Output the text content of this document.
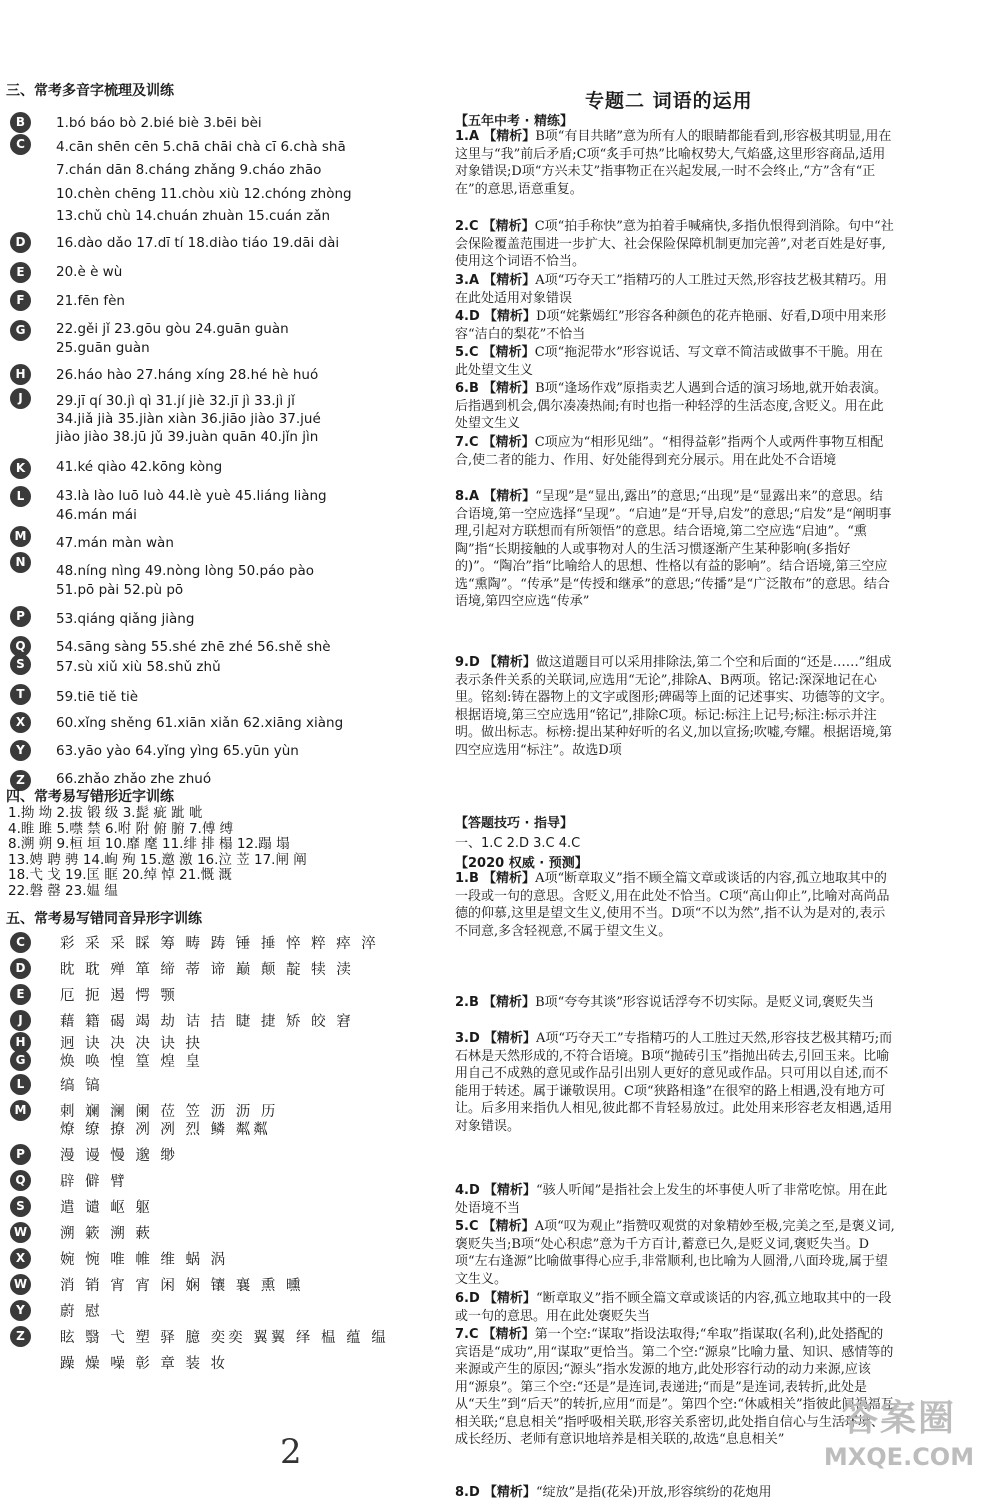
三、常考多音字梳理及训练
1.bó báo bò 2.bié biè 3.bēi bèi
4.cān shēn cēn 5.chā chāi chà cī 6.chà shā
7.chán dān 8.cháng zhǎng 9.cháo zhāo
10.chèn chēng 11.chòu xiù 12.chóng zhòng
13.chǔ chù 14.chuán zhuàn 15.cuán zǎn
16.dào dǎo 17.dī tí 18.diào tiáo 19.dāi dài
20.è è wù
21.fēn fèn
22.gěi jǐ 23.gōu gòu 24.guān guàn
25.guān guàn
26.háo hào 27.háng xíng 28.hé hè huó
29.jī qí 30.jì qì 31.jí jiè 32.jī jì 33.jì jǐ
34.jiǎ jià 35.jiàn xiàn 36.jiāo jiào 37.jué
jiào jiào 38.jū jǔ 39.juàn quān 40.jǐn jìn
41.ké qiào 42.kōng kòng
43.là lào luō luò 44.lè yuè 45.liáng liàng
46.mán mái
47.mán màn wàn
48.níng nìng 49.nòng lòng 50.páo pào
51.pō pài 52.pù pō
53.qiáng qiǎng jiàng
54.sāng sàng 55.shé zhē zhé 56.shě shè
57.sù xiǔ xiù 58.shǔ zhǔ
59.tiē tiě tiè
60.xǐng shěng 61.xiān xiǎn 62.xiāng xiàng
63.yāo yào 64.yǐng yìng 65.yūn yùn
66.zhǎo zhǎo zhe zhuó
B
C
D
E
F
G
H
J
K
L
M
N
P
Q
S
T
X
Y
Z
四、常考易写错形近字训练
1.拗 坳 2.拔 锻 级 3.髭 疵 跐 呲
4.睢 雎 5.噤 禁 6.咐 附 俯 腑 7.傅 缚
8.溯 朔 9.桓 垣 10.靡 麾 11.绯 排 榻 12.蹋 塌
13.娉 聘 骋 14.峋 殉 15.邀 激 16.泣 苙 17.闸 阐
18.弋 戈 19.匡 眶 20.绰 悼 21.慨 溉
22.磐 罄 23.媪 缊
五、常考易写错同音异形字训练
彩 采 采 睬 筹 畴 踌 锤 捶 悴 粹 瘁 淬
眈 耽 殚 箪 缔 蒂 谛 巅 颠 靛 犊 渎
厄 扼 遏 愕 颚
藉 籍 碣 竭 劫 诘 拮 睫 捷 矫 皎 窘
迥 诀 决 决 诀 抉
焕 唤 惶 篁 煌 皇
缟 镐
刺 斓 澜 阑 莅 笠 沥 沥 历
燎 缭 撩 冽 冽 烈 鳞 粼粼
漫 谩 慢 邈 缈
辟 僻 臂
遣 谴 岖 躯
溯 簌 溯 蔌
婉 惋 唯 帷 维 蜗 涡
消 销 宵 宵 闲 娴 镶 襄 熏 曛
蔚 慰
眩 翳 弋 塑 驿 臆 奕奕 翼翼 绎 榅 蕴 缊
躁 燥 噪 彰 章 装 妆
C
D
E
J
H
G
L
M
P
Q
S
W
X
W
Y
Z
专题二 词语的运用
【五年中考 · 精练】
1.A 【精析】B项“有目共睹”意为所有人的眼睛都能看到,形容极其明显,用在这里与“我”前后矛盾;C项“炙手可热”比喻权势大,气焰盛,这里形容商品,适用对象错误;D项“方兴未艾”指事物正在兴起发展,一时不会终止,“方”含有“正在”的意思,语意重复。
2.C 【精析】C项“拍手称快”意为拍着手喊痛快,多指仇恨得到消除。句中“社会保险覆盖范围进一步扩大、社会保险保障机制更加完善”,对老百姓是好事,使用这个词语不恰当。
3.A 【精析】A项“巧夺天工”指精巧的人工胜过天然,形容技艺极其精巧。用在此处适用对象错误
4.D 【精析】D项“姹紫嫣红”形容各种颜色的花卉艳丽、好看,D项中用来形容“洁白的梨花”不恰当
5.C 【精析】C项“拖泥带水”形容说话、写文章不简洁或做事不干脆。用在此处望文生义
6.B 【精析】B项“逢场作戏”原指卖艺人遇到合适的演习场地,就开始表演。后指遇到机会,偶尔凑凑热闹;有时也指一种轻浮的生活态度,含贬义。用在此处望文生义
7.C 【精析】C项应为“相形见绌”。“相得益彰”指两个人或两件事物互相配合,使二者的能力、作用、好处能得到充分展示。用在此处不合语境
8.A 【精析】“呈现”是“显出,露出”的意思;“出现”是“显露出来”的意思。结合语境,第一空应选择“呈现”。“启迪”是“开导,启发”的意思;“启发”是“阐明事理,引起对方联想而有所领悟”的意思。结合语境,第二空应选“启迪”。“熏陶”指“长期接触的人或事物对人的生活习惯逐渐产生某种影响(多指好的)”。“陶冶”指“比喻给人的思想、性格以有益的影响”。结合语境,第三空应选“熏陶”。“传承”是“传授和继承”的意思;“传播”是“广泛散布”的意思。结合语境,第四空应选“传承”
9.D 【精析】做这道题目可以采用排除法,第二个空和后面的“还是……”组成表示条件关系的关联词,应选用“无论”,排除A、B两项。铭记:深深地记在心里。铭刻:铸在器物上的文字或图形;碑碣等上面的记述事实、功德等的文字。根据语境,第三空应选用“铭记”,排除C项。标记:标注上记号;标注:标示并注明。做出标志。标榜:提出某种好听的名义,加以宣扬;吹嘘,夸耀。根据语境,第四空应选用“标注”。故选D项
【答题技巧 · 指导】
一、1.C 2.D 3.C 4.C
【2020 权威 · 预测】
1.B 【精析】A项“断章取义”指不顾全篇文章或谈话的内容,孤立地取其中的一段或一句的意思。含贬义,用在此处不恰当。C项“高山仰止”,比喻对高尚品德的仰慕,这里是望文生义,使用不当。D项“不以为然”,指不认为是对的,表示不同意,多含轻视意,不属于望文生义。
2.B 【精析】B项“夸夸其谈”形容说话浮夸不切实际。是贬义词,褒贬失当
3.D 【精析】A项“巧夺天工”专指精巧的人工胜过天然,形容技艺极其精巧;而石林是天然形成的,不符合语境。B项“抛砖引玉”指抛出砖去,引回玉来。比喻用自己不成熟的意见或作品引出别人更好的意见或作品。只可用以自述,而不能用于转述。属于谦敬误用。C项“狭路相逢”在很窄的路上相遇,没有地方可让。后多用来指仇人相见,彼此都不肯轻易放过。此处用来形容老友相遇,适用对象错误。
4.D 【精析】“骇人听闻”是指社会上发生的坏事使人听了非常吃惊。用在此处语境不当
5.C 【精析】A项“叹为观止”指赞叹观赏的对象精妙至极,完美之至,是褒义词,褒贬失当;B项“处心积虑”意为千方百计,蓄意已久,是贬义词,褒贬失当。D项“左右逢源”比喻做事得心应手,非常顺利,也比喻为人圆滑,八面玲珑,属于望文生义。
6.D 【精析】“断章取义”指不顾全篇文章或谈话的内容,孤立地取其中的一段或一句的意思。用在此处褒贬失当
7.C 【精析】第一个空:“谋取”指设法取得;“牟取”指谋取(名利),此处搭配的宾语是“成功”,用“谋取”更恰当。第二个空:“源泉”比喻力量、知识、感情等的来源或产生的原因;“源头”指水发源的地方,此处形容行动的动力来源,应该用“源泉”。第三个空:“还是”是连词,表递进;“而是”是连词,表转折,此处是从“天生”到“后天”的转折,应用“而是”。第四个空:“休戚相关”指彼此间祸福互相关联;“息息相关”指呼吸相关联,形容关系密切,此处指自信心与生活环境、成长经历、老师有意识地培养是相关联的,故选“息息相关”
8.D 【精析】“绽放”是指(花朵)开放,形容缤纷的花炮用
2
答案圈
MXQE.COM
